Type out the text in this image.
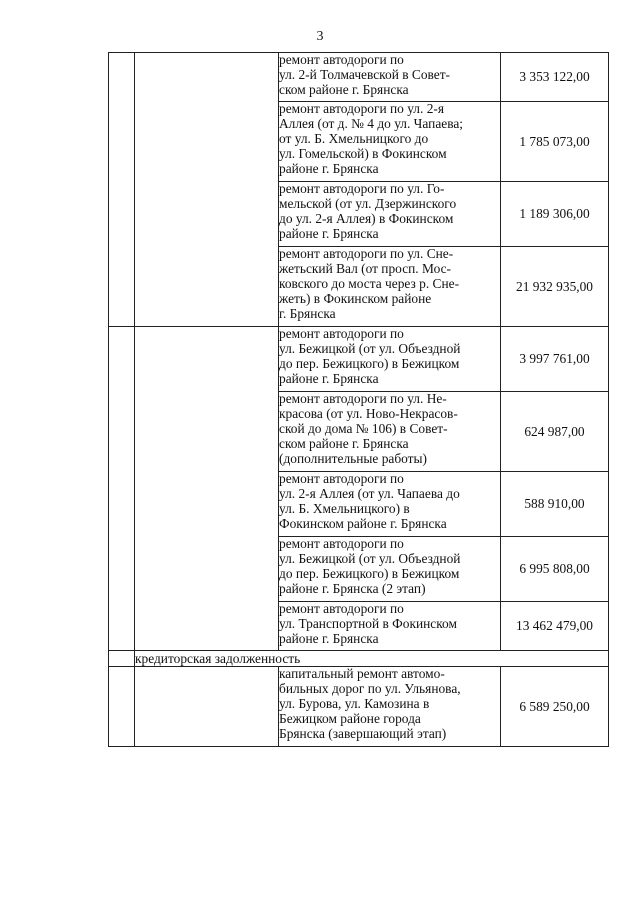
3
		ремонт автодороги по
ул. 2-й Толмачевской в Совет-
ском районе г. Брянска	3 353 122,00
		ремонт автодороги по ул. 2-я
Аллея (от д. № 4 до ул. Чапаева;
от ул. Б. Хмельницкого до
ул. Гомельской) в Фокинском
районе г. Брянска	1 785 073,00
		ремонт автодороги по ул. Го-
мельской (от ул. Дзержинского
до ул. 2-я Аллея) в Фокинском
районе г. Брянска	1 189 306,00
		ремонт автодороги по ул. Сне-
жетьский Вал (от просп. Мос-
ковского до моста через р. Сне-
жеть) в Фокинском районе
г. Брянска	21 932 935,00
		ремонт автодороги по
ул. Бежицкой (от ул. Объездной
до пер. Бежицкого) в Бежицком
районе г. Брянска	3 997 761,00
		ремонт автодороги по ул. Не-
красова (от ул. Ново-Некрасов-
ской до дома № 106) в Совет-
ском районе г. Брянска
(дополнительные работы)	624 987,00
		ремонт автодороги по
ул. 2-я Аллея (от ул. Чапаева до
ул. Б. Хмельницкого) в
Фокинском районе г. Брянска	588 910,00
		ремонт автодороги по
ул. Бежицкой (от ул. Объездной
до пер. Бежицкого) в Бежицком
районе г. Брянска (2 этап)	6 995 808,00
		ремонт автодороги по
ул. Транспортной в Фокинском
районе г. Брянска	13 462 479,00
	кредиторская задолженность		
		капитальный ремонт автомо-
бильных дорог по ул. Ульянова,
ул. Бурова, ул. Камозина в
Бежицком районе города
Брянска (завершающий этап)	6 589 250,00
